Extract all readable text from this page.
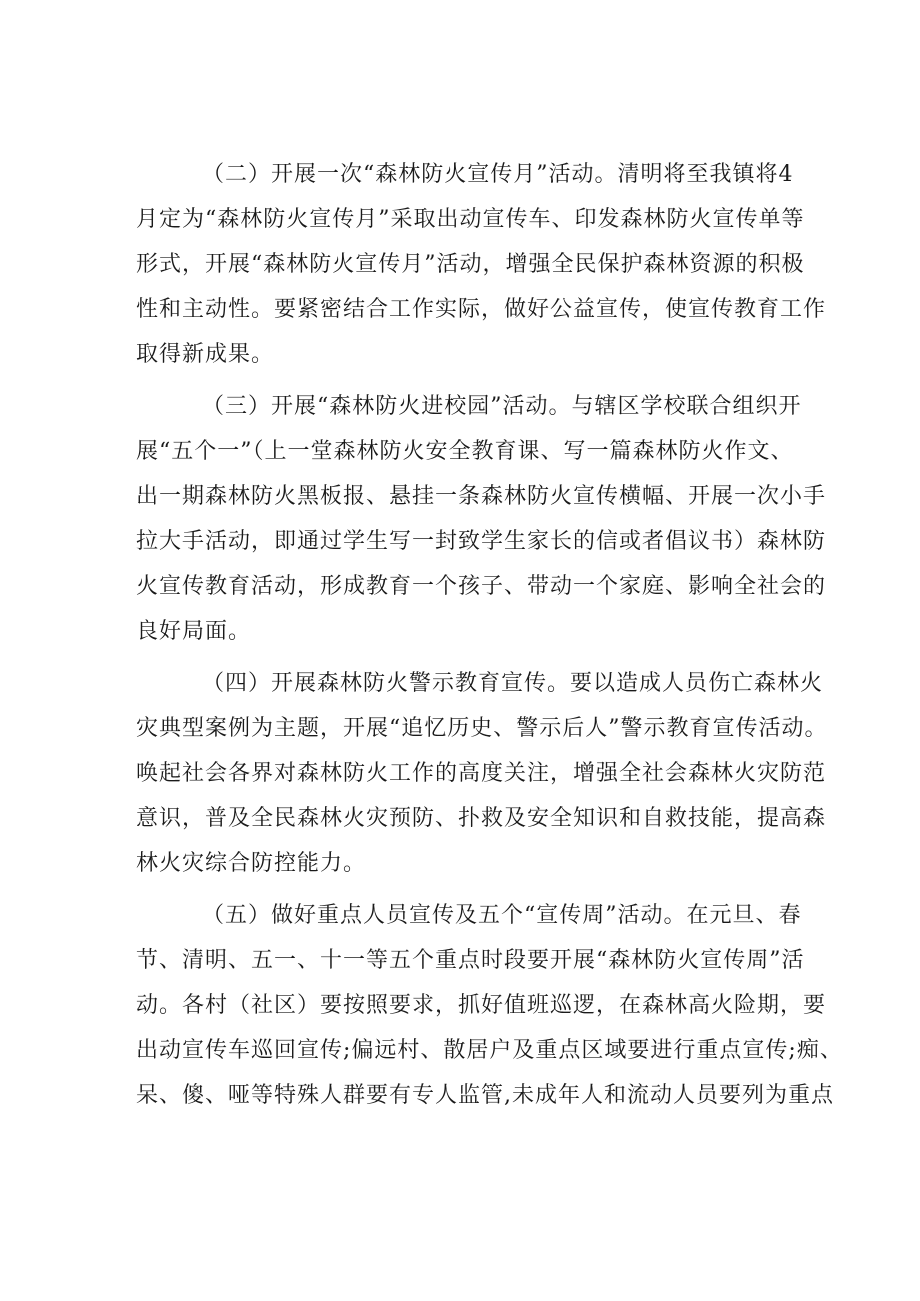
（二）开展一次“森林防火宣传月”活动。清明将至我镇将4
月定为“森林防火宣传月”采取出动宣传车、印发森林防火宣传单等
形式，开展“森林防火宣传月”活动，增强全民保护森林资源的积极
性和主动性。要紧密结合工作实际，做好公益宣传，使宣传教育工作
取得新成果。
（三）开展“森林防火进校园”活动。与辖区学校联合组织开
展“五个一”（上一堂森林防火安全教育课、写一篇森林防火作文、
出一期森林防火黑板报、悬挂一条森林防火宣传横幅、开展一次小手
拉大手活动，即通过学生写一封致学生家长的信或者倡议书）森林防
火宣传教育活动，形成教育一个孩子、带动一个家庭、影响全社会的
良好局面。
（四）开展森林防火警示教育宣传。要以造成人员伤亡森林火
灾典型案例为主题，开展“追忆历史、警示后人”警示教育宣传活动。
唤起社会各界对森林防火工作的高度关注，增强全社会森林火灾防范
意识，普及全民森林火灾预防、扑救及安全知识和自救技能，提高森
林火灾综合防控能力。
（五）做好重点人员宣传及五个“宣传周”活动。在元旦、春
节、清明、五一、十一等五个重点时段要开展“森林防火宣传周”活
动。各村（社区）要按照要求，抓好值班巡逻，在森林高火险期，要
出动宣传车巡回宣传;偏远村、散居户及重点区域要进行重点宣传;痴、
呆、傻、哑等特殊人群要有专人监管,未成年人和流动人员要列为重点
